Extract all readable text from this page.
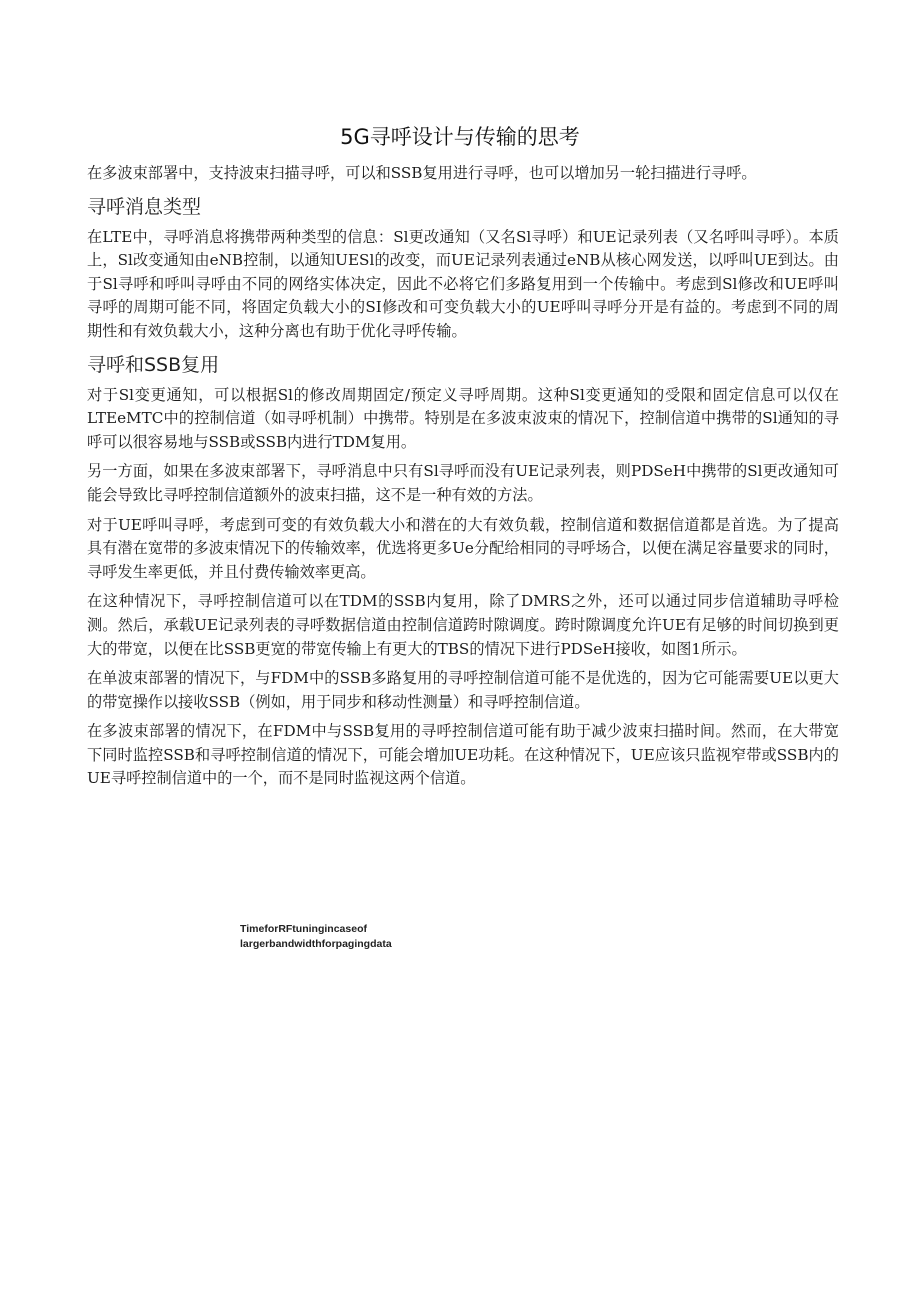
5G寻呼设计与传输的思考

在多波束部署中，支持波束扫描寻呼，可以和SSB复用进行寻呼，也可以增加另一轮扫描进行寻呼。

寻呼消息类型

在LTE中，寻呼消息将携带两种类型的信息：Sl更改通知（又名Sl寻呼）和UE记录列表（又名呼叫寻呼）。本质上，Sl改变通知由eNB控制，以通知UESl的改变，而UE记录列表通过eNB从核心网发送，以呼叫UE到达。由于Sl寻呼和呼叫寻呼由不同的网络实体决定，因此不必将它们多路复用到一个传输中。考虑到Sl修改和UE呼叫寻呼的周期可能不同，将固定负载大小的SI修改和可变负载大小的UE呼叫寻呼分开是有益的。考虑到不同的周期性和有效负载大小，这种分离也有助于优化寻呼传输。

寻呼和SSB复用

对于Sl变更通知，可以根据Sl的修改周期固定/预定义寻呼周期。这种Sl变更通知的受限和固定信息可以仅在LTEeMTC中的控制信道（如寻呼机制）中携带。特别是在多波束波束的情况下，控制信道中携带的Sl通知的寻呼可以很容易地与SSB或SSB内进行TDM复用。

另一方面，如果在多波束部署下，寻呼消息中只有Sl寻呼而没有UE记录列表，则PDSeH中携带的Sl更改通知可能会导致比寻呼控制信道额外的波束扫描，这不是一种有效的方法。

对于UE呼叫寻呼，考虑到可变的有效负载大小和潜在的大有效负载，控制信道和数据信道都是首选。为了提高具有潜在宽带的多波束情况下的传输效率，优选将更多Ue分配给相同的寻呼场合，以便在满足容量要求的同时，寻呼发生率更低，并且付费传输效率更高。

在这种情况下，寻呼控制信道可以在TDM的SSB内复用，除了DMRS之外，还可以通过同步信道辅助寻呼检测。然后，承载UE记录列表的寻呼数据信道由控制信道跨时隙调度。跨时隙调度允许UE有足够的时间切换到更大的带宽，以便在比SSB更宽的带宽传输上有更大的TBS的情况下进行PDSeH接收，如图1所示。

在单波束部署的情况下，与FDM中的SSB多路复用的寻呼控制信道可能不是优选的，因为它可能需要UE以更大的带宽操作以接收SSB（例如，用于同步和移动性测量）和寻呼控制信道。

在多波束部署的情况下，在FDM中与SSB复用的寻呼控制信道可能有助于减少波束扫描时间。然而，在大带宽下同时监控SSB和寻呼控制信道的情况下，可能会增加UE功耗。在这种情况下，UE应该只监视窄带或SSB内的UE寻呼控制信道中的一个，而不是同时监视这两个信道。

TimeforRFtuningincaseof
largerbandwidthforpagingdata
